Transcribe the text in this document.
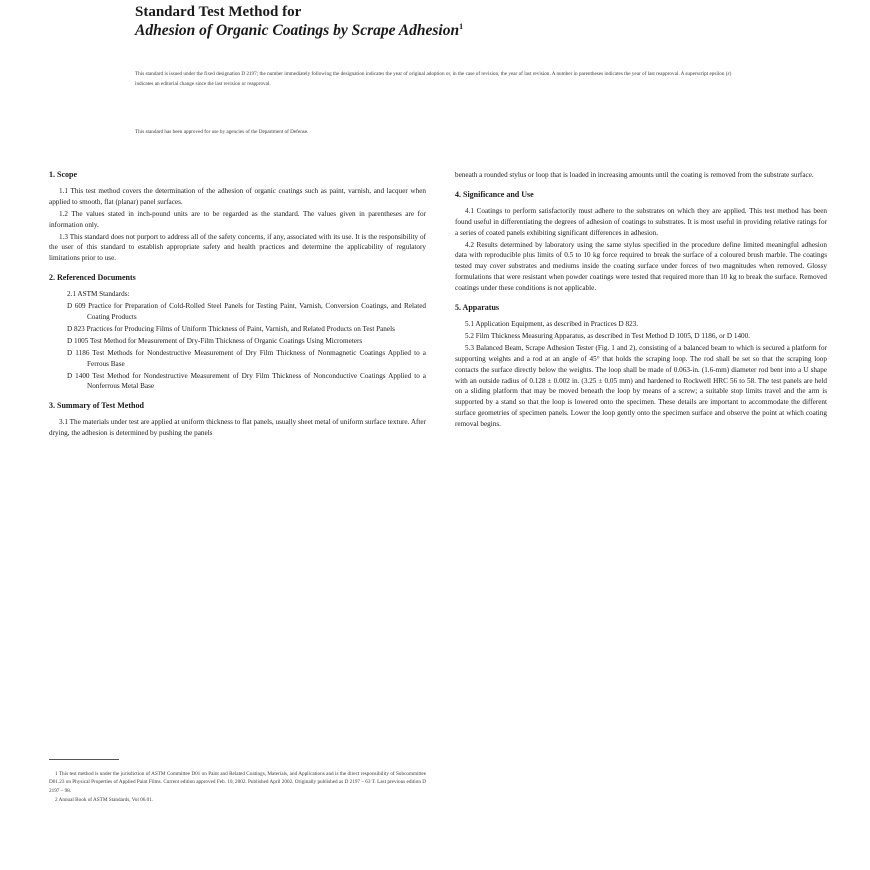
Standard Test Method for
Adhesion of Organic Coatings by Scrape Adhesion$^1$
This standard is issued under the fixed designation D 2197; the number immediately following the designation indicates the year of original adoption or, in the case of revision, the year of last revision. A number in parentheses indicates the year of last reapproval. A superscript epsilon (ε) indicates an editorial change since the last revision or reapproval.
This standard has been approved for use by agencies of the Department of Defense.
1. Scope

1.1 This test method covers the determination of the adhesion of organic coatings such as paint, varnish, and lacquer when applied to smooth, flat (planar) panel surfaces.

1.2 The values stated in inch-pound units are to be regarded as the standard. The values given in parentheses are for information only.

1.3 This standard does not purport to address all of the safety concerns, if any, associated with its use. It is the responsibility of the user of this standard to establish appropriate safety and health practices and determine the applicability of regulatory limitations prior to use.

2. Referenced Documents
2.1 ASTM Standards:
D 609 Practice for Preparation of Cold-Rolled Steel Panels for Testing Paint, Varnish, Conversion Coatings, and Related Coating Products
D 823 Practices for Producing Films of Uniform Thickness of Paint, Varnish, and Related Products on Test Panels
D 1005 Test Method for Measurement of Dry-Film Thickness of Organic Coatings Using Micrometers
D 1186 Test Methods for Nondestructive Measurement of Dry Film Thickness of Nonmagnetic Coatings Applied to a Ferrous Base
D 1400 Test Method for Nondestructive Measurement of Dry Film Thickness of Nonconductive Coatings Applied to a Nonferrous Metal Base
3. Summary of Test Method

3.1 The materials under test are applied at uniform thickness to flat panels, usually sheet metal of uniform surface texture. After drying, the adhesion is determined by pushing the panels

beneath a rounded stylus or loop that is loaded in increasing amounts until the coating is removed from the substrate surface.

4. Significance and Use

4.1 Coatings to perform satisfactorily must adhere to the substrates on which they are applied. This test method has been found useful in differentiating the degrees of adhesion of coatings to substrates. It is most useful in providing relative ratings for a series of coated panels exhibiting significant differences in adhesion.

4.2 Results determined by laboratory using the same stylus specified in the procedure define limited meaningful adhesion data with reproducible plus limits of 0.5 to 10 kg force required to break the surface of a coloured brush marble. The coatings tested may cover substrates and mediums inside the coating surface under forces of two magnitudes when removed. Glossy formulations that were resistant when powder coatings were tested that required more than 10 kg to break the surface. Removed coatings under these conditions is not applicable.

5. Apparatus

5.1 Application Equipment, as described in Practices D 823.

5.2 Film Thickness Measuring Apparatus, as described in Test Method D 1005, D 1186, or D 1400.

5.3 Balanced Beam, Scrape Adhesion Tester (Fig. 1 and 2), consisting of a balanced beam to which is secured a platform for supporting weights and a rod at an angle of 45° that holds the scraping loop. The rod shall be set so that the scraping loop contacts the surface directly below the weights. The loop shall be made of 0.063-in. (1.6-mm) diameter rod bent into a U shape with an outside radius of 0.128 ± 0.002 in. (3.25 ± 0.05 mm) and hardened to Rockwell HRC 56 to 58. The test panels are held on a sliding platform that may be moved beneath the loop by means of a screw; a suitable stop limits travel and the arm is supported by a stand so that the loop is lowered onto the specimen. These details are important to accommodate the different surface geometries of specimen panels. Lower the loop gently onto the specimen surface and observe the point at which coating removal begins.

1 This test method is under the jurisdiction of ASTM Committee D01 on Paint and Related Coatings, Materials, and Applications and is the direct responsibility of Subcommittee D01.23 on Physical Properties of Applied Paint Films. Current edition approved Feb. 10, 2002. Published April 2002. Originally published as D 2197 – 63 T. Last previous edition D 2197 – 98.

2 Annual Book of ASTM Standards, Vol 06.01.
